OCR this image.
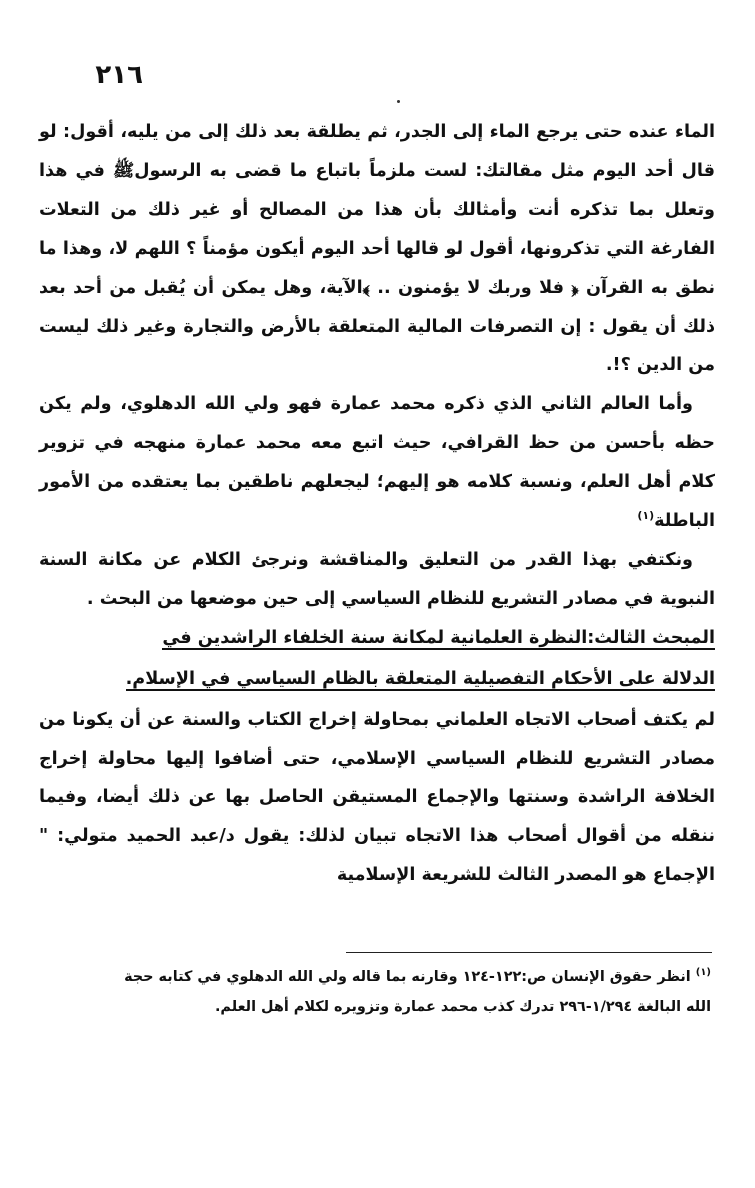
٢١٦

الماء عنده حتى يرجع الماء إلى الجدر، ثم يطلقة بعد ذلك إلى من يليه، أقول: لو قال أحد اليوم مثل مقالتك: لست ملزماً باتباع ما قضى به الرسولﷺ في هذا وتعلل بما تذكره أنت وأمثالك بأن هذا من المصالح أو غير ذلك من التعلات الفارغة التي تذكرونها، أقول لو قالها أحد اليوم أيكون مؤمناً ؟ اللهم لا، وهذا ما نطق به القرآن ﴿ فلا وربك لا يؤمنون .. ﴾الآية، وهل يمكن أن يُقبل من أحد بعد ذلك أن يقول : إن التصرفات المالية المتعلقة بالأرض والتجارة وغير ذلك ليست من الدين ؟!.

وأما العالم الثاني الذي ذكره محمد عمارة فهو ولي الله الدهلوي، ولم يكن حظه بأحسن من حظ القرافي، حيث اتبع معه محمد عمارة منهجه في تزوير كلام أهل العلم، ونسبة كلامه هو إليهم؛ ليجعلهم ناطقين بما يعتقده من الأمور الباطلة$^{(١)}$

ونكتفي بهذا القدر من التعليق والمناقشة ونرجئ الكلام عن مكانة السنة النبوية في مصادر التشريع للنظام السياسي إلى حين موضعها من البحث .

المبحث الثالث:النظرة العلمانية لمكانة سنة الخلفاء الراشدين في
الدلالة على الأحكام التفصيلية المتعلقة بالظام السياسي في الإسلام.

لم يكتف أصحاب الاتجاه العلماني بمحاولة إخراج الكتاب والسنة عن أن يكونا من مصادر التشريع للنظام السياسي الإسلامي، حتى أضافوا إليها محاولة إخراج الخلافة الراشدة وسنتها والإجماع المستيقن الحاصل بها عن ذلك أيضا، وفيما ننقله من أقوال أصحاب هذا الاتجاه تبيان لذلك: يقول د/عبد الحميد متولي: " الإجماع هو المصدر الثالث للشريعة الإسلامية

$^{(١)}$ انظر حقوق الإنسان ص:١٢٢-١٢٤ وقارنه بما قاله ولي الله الدهلوي في كتابه حجة

الله البالغة ١/٢٩٤-٢٩٦ تدرك كذب محمد عمارة وتزويره لكلام أهل العلم.
